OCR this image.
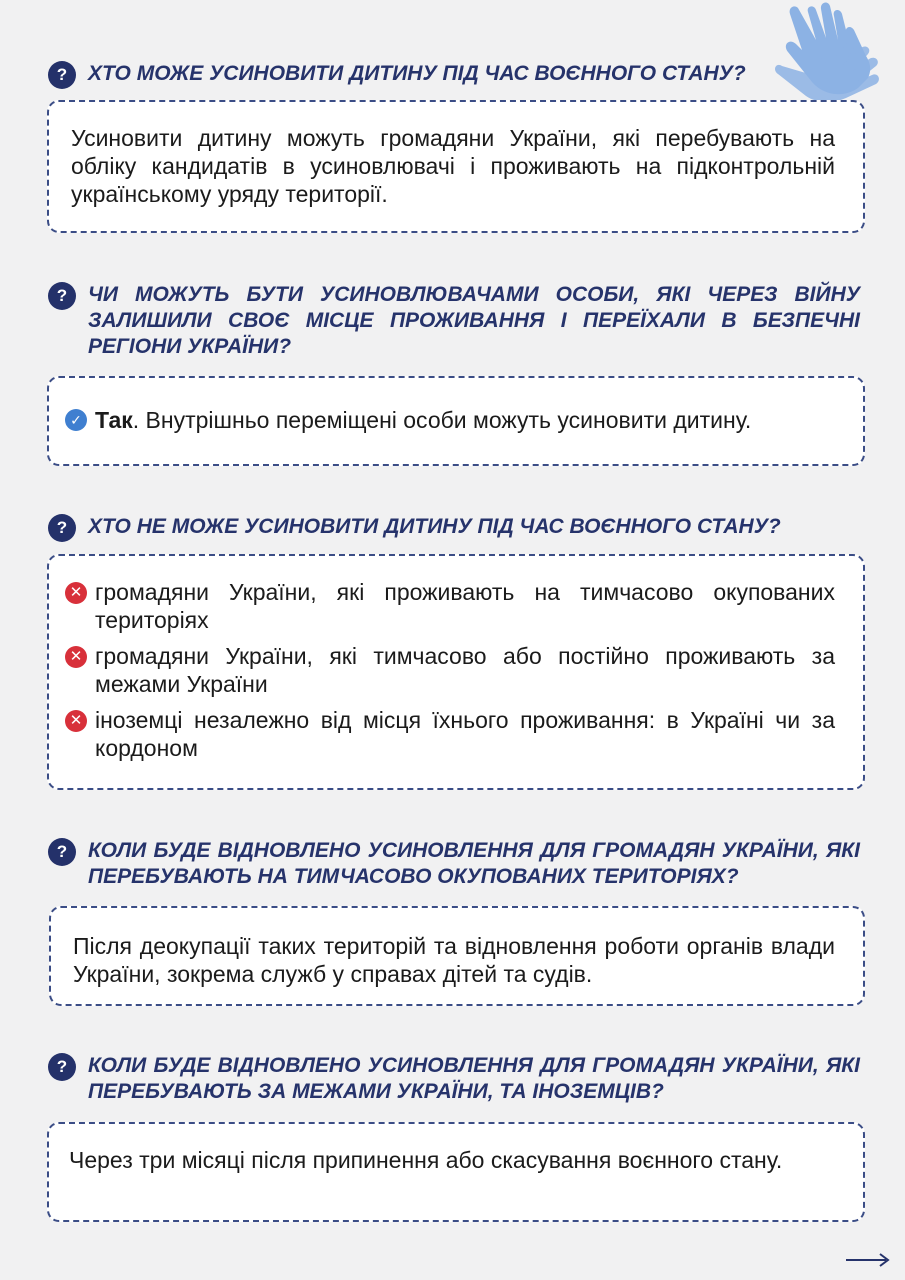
? ХТО МОЖЕ УСИНОВИТИ ДИТИНУ ПІД ЧАС ВОЄННОГО СТАНУ?
Усиновити дитину можуть громадяни України, які перебувають на обліку кандидатів в усиновлювачі і проживають на підконтрольній українському уряду території.
? ЧИ МОЖУТЬ БУТИ УСИНОВЛЮВАЧАМИ ОСОБИ, ЯКІ ЧЕРЕЗ ВІЙНУ ЗАЛИШИЛИ СВОЄ МІСЦЕ ПРОЖИВАННЯ І ПЕРЕЇХАЛИ В БЕЗПЕЧНІ РЕГІОНИ УКРАЇНИ?
✓ Так. Внутрішньо переміщені особи можуть усиновити дитину.
? ХТО НЕ МОЖЕ УСИНОВИТИ ДИТИНУ ПІД ЧАС ВОЄННОГО СТАНУ?
✕ громадяни України, які проживають на тимчасово окупованих територіях
✕ громадяни України, які тимчасово або постійно проживають за межами України
✕ іноземці незалежно від місця їхнього проживання: в Україні чи за кордоном
? КОЛИ БУДЕ ВІДНОВЛЕНО УСИНОВЛЕННЯ ДЛЯ ГРОМАДЯН УКРАЇНИ, ЯКІ ПЕРЕБУВАЮТЬ НА ТИМЧАСОВО ОКУПОВАНИХ ТЕРИТОРІЯХ?
Після деокупації таких територій та відновлення роботи органів влади України, зокрема служб у справах дітей та судів.
? КОЛИ БУДЕ ВІДНОВЛЕНО УСИНОВЛЕННЯ ДЛЯ ГРОМАДЯН УКРАЇНИ, ЯКІ ПЕРЕБУВАЮТЬ ЗА МЕЖАМИ УКРАЇНИ, ТА ІНОЗЕМЦІВ?
Через три місяці після припинення або скасування воєнного стану.
